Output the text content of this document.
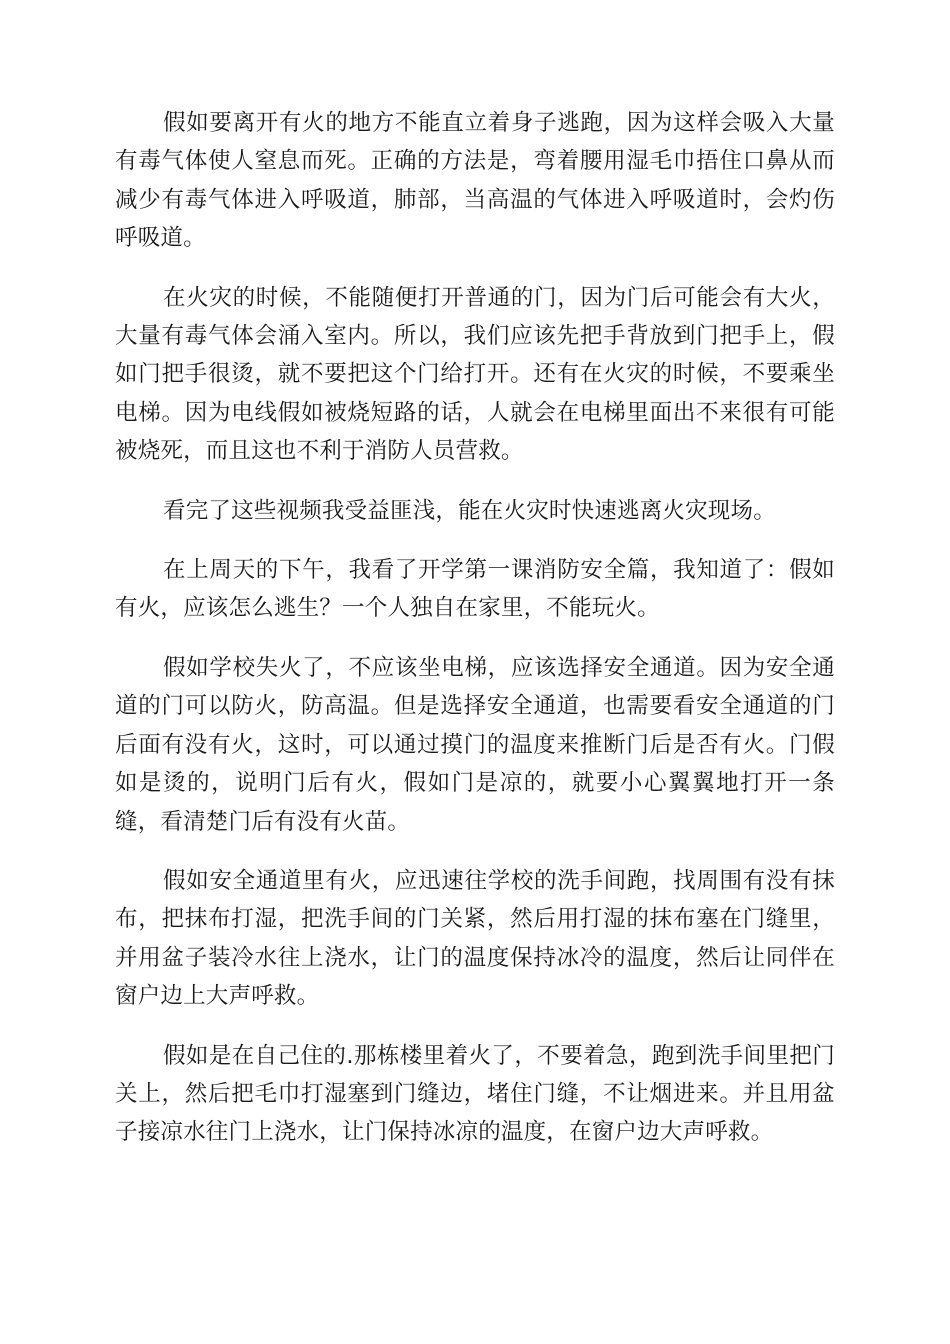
假如要离开有火的地方不能直立着身子逃跑，因为这样会吸入大量有毒气体使人窒息而死。正确的方法是，弯着腰用湿毛巾捂住口鼻从而减少有毒气体进入呼吸道，肺部，当高温的气体进入呼吸道时，会灼伤呼吸道。

在火灾的时候，不能随便打开普通的门，因为门后可能会有大火，大量有毒气体会涌入室内。所以，我们应该先把手背放到门把手上，假如门把手很烫，就不要把这个门给打开。还有在火灾的时候，不要乘坐电梯。因为电线假如被烧短路的话，人就会在电梯里面出不来很有可能被烧死，而且这也不利于消防人员营救。

看完了这些视频我受益匪浅，能在火灾时快速逃离火灾现场。

在上周天的下午，我看了开学第一课消防安全篇，我知道了：假如有火，应该怎么逃生？一个人独自在家里，不能玩火。

假如学校失火了，不应该坐电梯，应该选择安全通道。因为安全通道的门可以防火，防高温。但是选择安全通道，也需要看安全通道的门后面有没有火，这时，可以通过摸门的温度来推断门后是否有火。门假如是烫的，说明门后有火，假如门是凉的，就要小心翼翼地打开一条缝，看清楚门后有没有火苗。

假如安全通道里有火，应迅速往学校的洗手间跑，找周围有没有抹布，把抹布打湿，把洗手间的门关紧，然后用打湿的抹布塞在门缝里，并用盆子装冷水往上浇水，让门的温度保持冰冷的温度，然后让同伴在窗户边上大声呼救。

假如是在自己住的.那栋楼里着火了，不要着急，跑到洗手间里把门关上，然后把毛巾打湿塞到门缝边，堵住门缝，不让烟进来。并且用盆子接凉水往门上浇水，让门保持冰凉的温度，在窗户边大声呼救。
